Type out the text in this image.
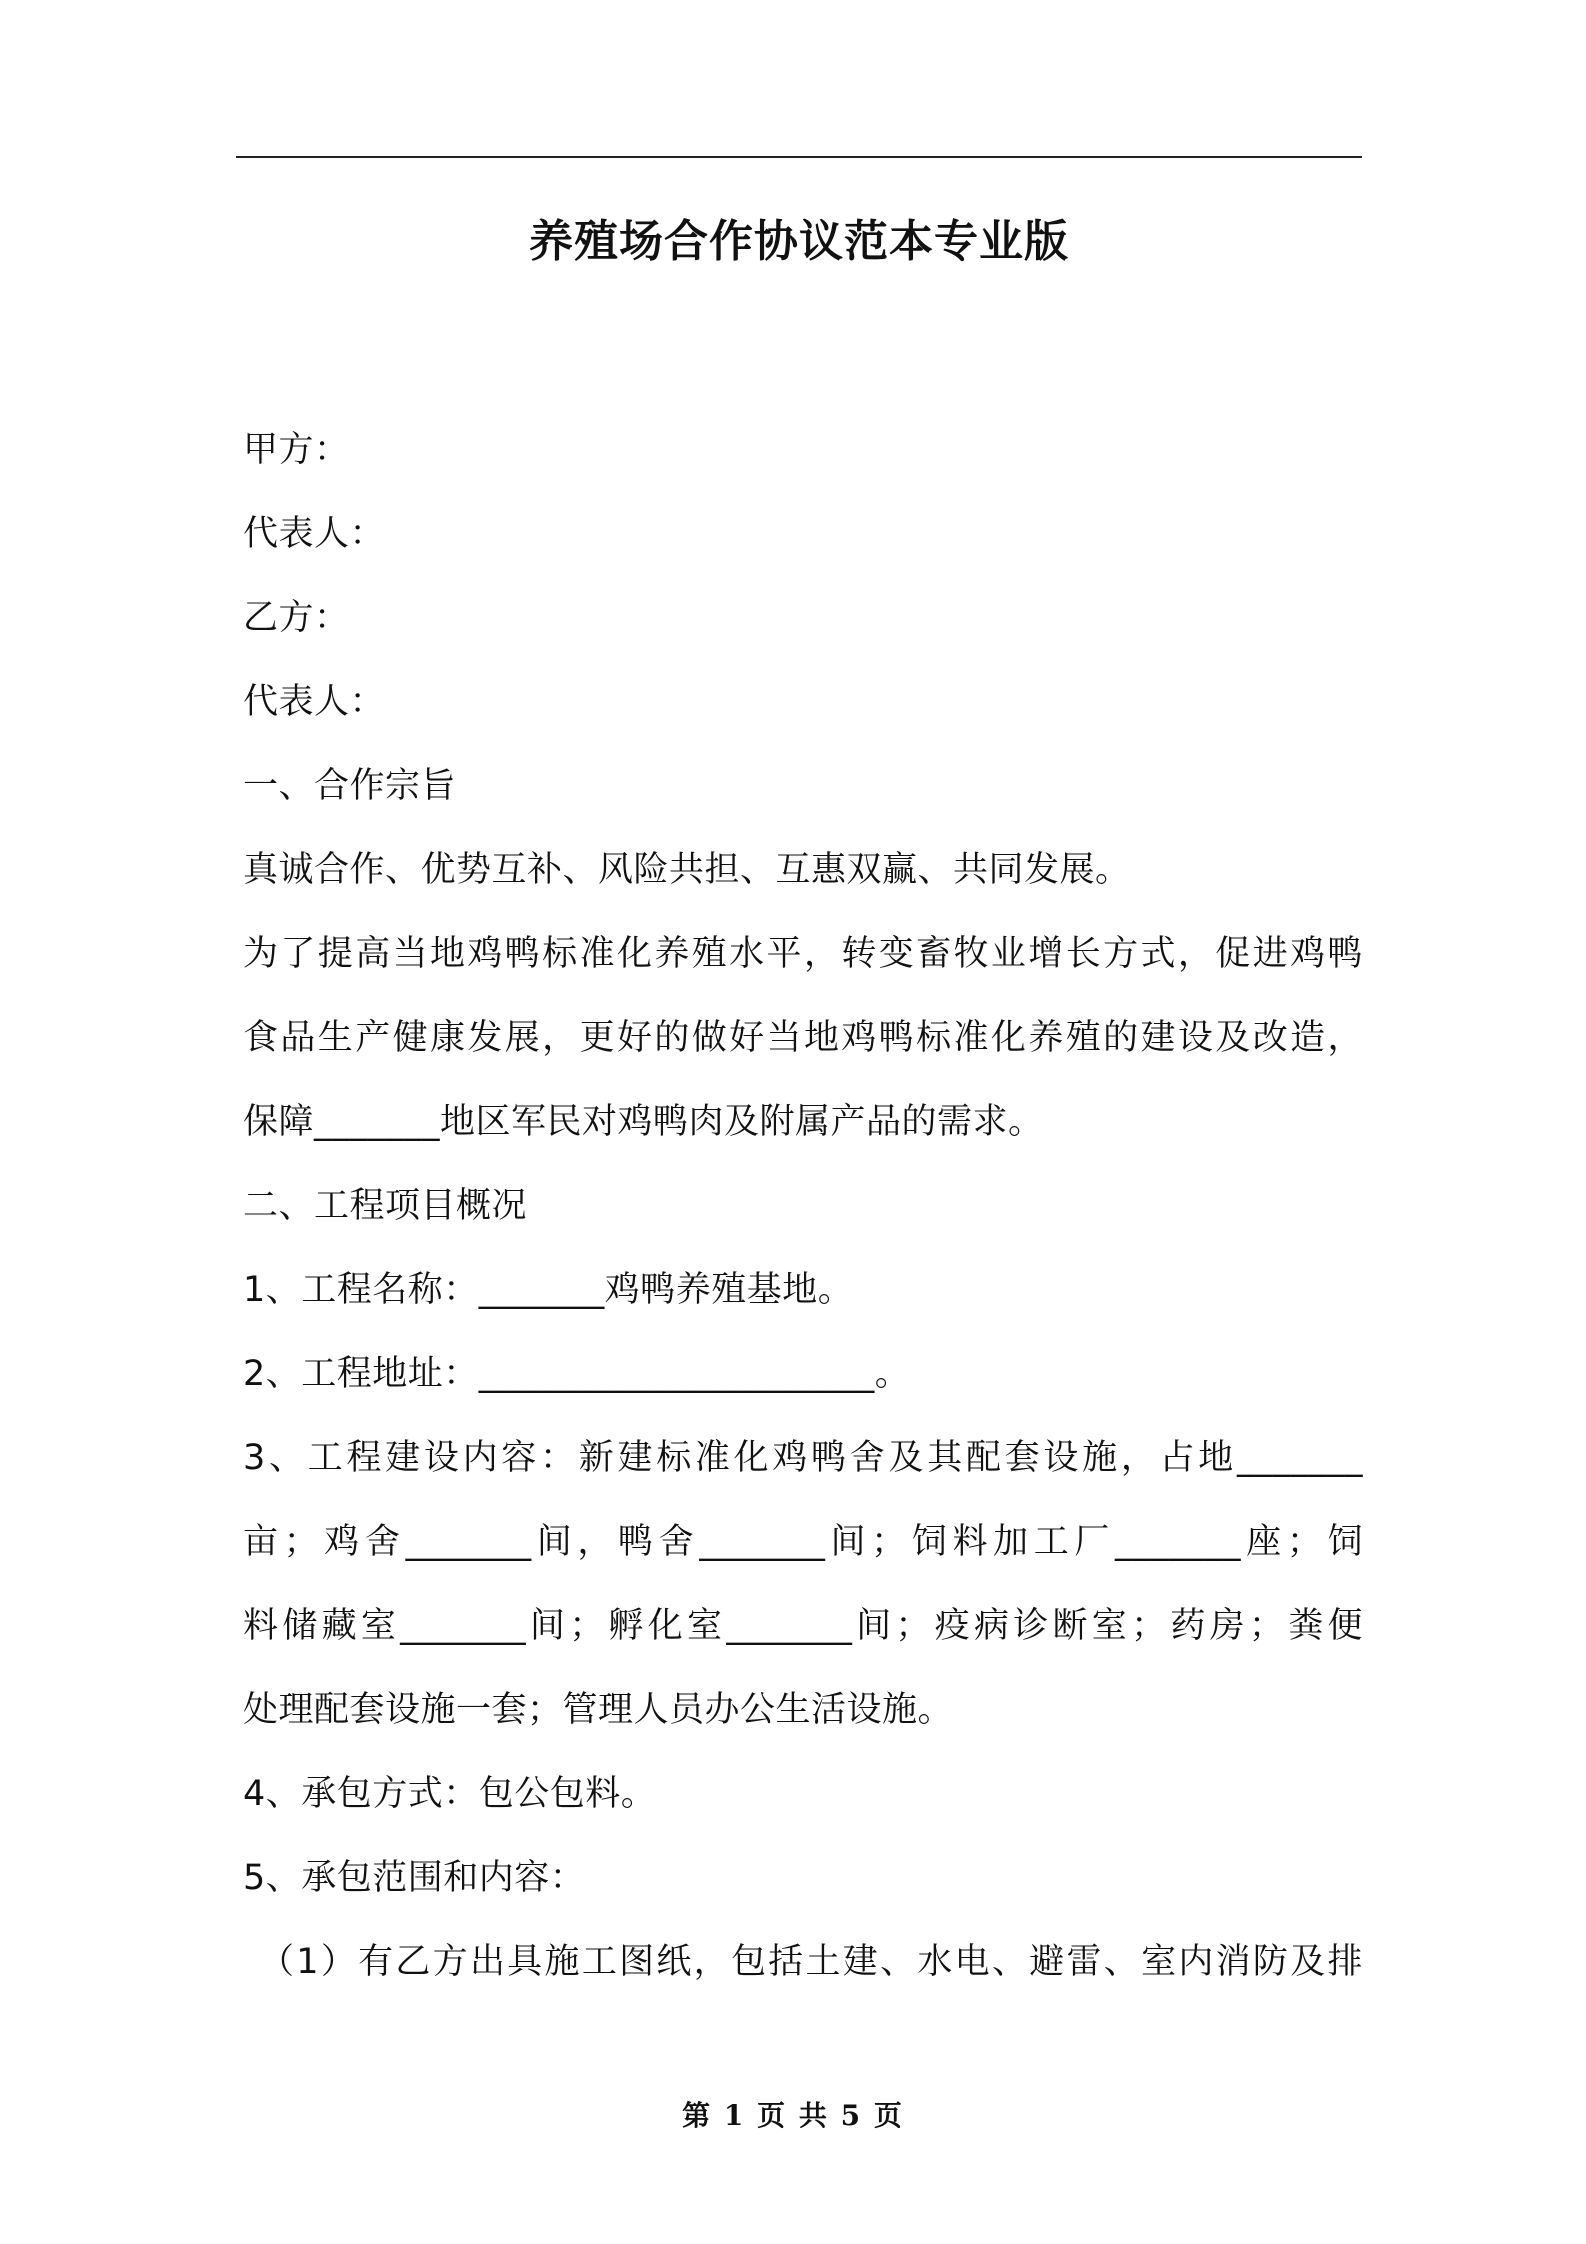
养殖场合作协议范本专业版

甲方：

代表人：

乙方：

代表人：

一、合作宗旨

真诚合作、优势互补、风险共担、互惠双赢、共同发展。

为了提高当地鸡鸭标准化养殖水平，转变畜牧业增长方式，促进鸡鸭

食品生产健康发展，更好的做好当地鸡鸭标准化养殖的建设及改造，

保障_______地区军民对鸡鸭肉及附属产品的需求。

二、工程项目概况

1、工程名称：_______鸡鸭养殖基地。

2、工程地址：______________________。

3、工程建设内容：新建标准化鸡鸭舍及其配套设施，占地_______

亩；鸡舍_______间，鸭舍_______间；饲料加工厂_______座；饲

料储藏室_______间；孵化室_______间；疫病诊断室；药房；粪便

处理配套设施一套；管理人员办公生活设施。

4、承包方式：包公包料。

5、承包范围和内容：

（1）有乙方出具施工图纸，包括土建、水电、避雷、室内消防及排

第 1 页 共 5 页
